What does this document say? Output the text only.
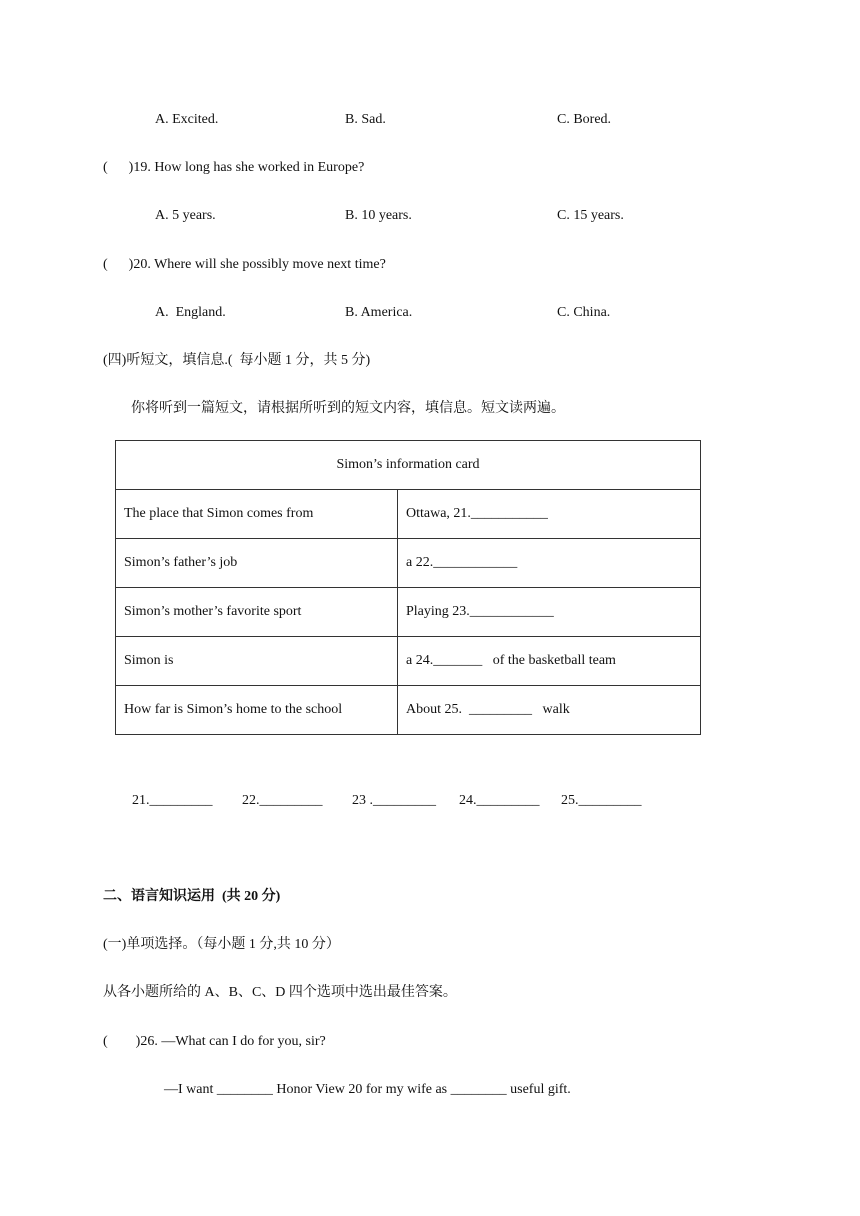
A. Excited.	B. Sad.	C. Bored.
(      )19. How long has she worked in Europe?
A. 5 years.	B. 10 years.	C. 15 years.
(      )20. Where will she possibly move next time?
A.  England.	B. America.	C. China.
(四)听短文，填信息.(  每小题 1 分，共 5 分)
你将听到一篇短文，请根据所听到的短文内容，填信息。短文读两遍。
Simon’s information card	
The place that Simon comes from	Ottawa, 21.___________
Simon’s father’s job	a 22.____________
Simon’s mother’s favorite sport	Playing 23.____________
Simon is	a 24._______   of the basketball team
How far is Simon’s home to the school	About 25.  _________   walk
21._________ 22._________ 23 ._________ 24._________ 25._________
二、语言知识运用  (共 20 分)
(一)单项选择。（每小题 1 分,共 10 分）
从各小题所给的 A、B、C、D 四个选项中选出最佳答案。
(        )26. —What can I do for you, sir?
—I want ________ Honor View 20 for my wife as ________ useful gift.
